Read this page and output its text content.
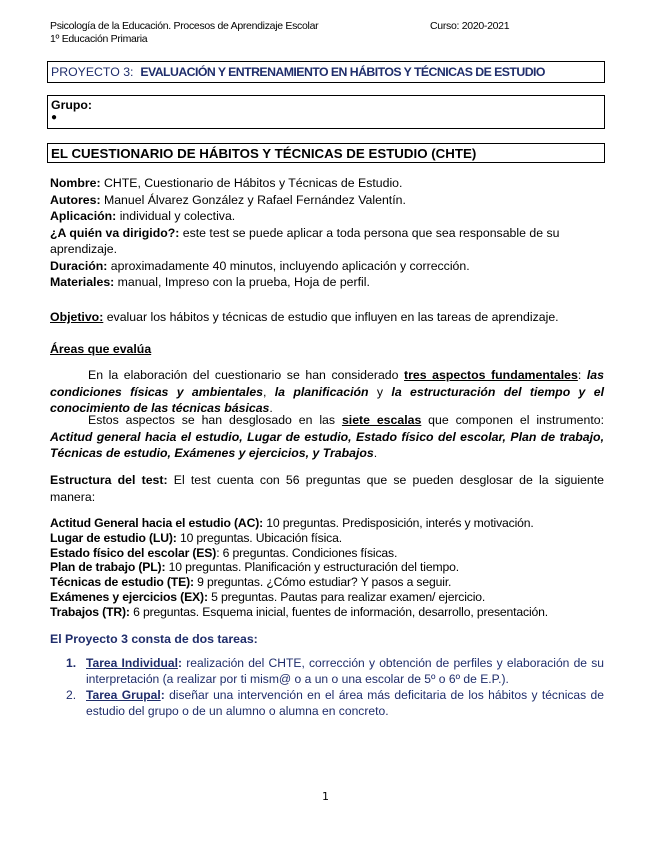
Psicología de la Educación. Procesos de Aprendizaje Escolar	Curso: 2020-2021
1º Educación Primaria
PROYECTO 3: EVALUACIÓN Y ENTRENAMIENTO EN HÁBITOS Y TÉCNICAS DE ESTUDIO
Grupo:
●
EL CUESTIONARIO DE HÁBITOS Y TÉCNICAS DE ESTUDIO (CHTE)
Nombre: CHTE, Cuestionario de Hábitos y Técnicas de Estudio.
Autores: Manuel Álvarez González y Rafael Fernández Valentín.
Aplicación: individual y colectiva.
¿A quién va dirigido?: este test se puede aplicar a toda persona que sea responsable de su aprendizaje.
Duración: aproximadamente 40 minutos, incluyendo aplicación y corrección.
Materiales: manual, Impreso con la prueba, Hoja de perfil.
Objetivo: evaluar los hábitos y técnicas de estudio que influyen en las tareas de aprendizaje.
Áreas que evalúa
En la elaboración del cuestionario se han considerado tres aspectos fundamentales: las condiciones físicas y ambientales, la planificación y la estructuración del tiempo y el conocimiento de las técnicas básicas.
Estos aspectos se han desglosado en las siete escalas que componen el instrumento: Actitud general hacia el estudio, Lugar de estudio, Estado físico del escolar, Plan de trabajo, Técnicas de estudio, Exámenes y ejercicios, y Trabajos.
Estructura del test: El test cuenta con 56 preguntas que se pueden desglosar de la siguiente manera:
Actitud General hacia el estudio (AC): 10 preguntas. Predisposición, interés y motivación.
Lugar de estudio (LU): 10 preguntas. Ubicación física.
Estado físico del escolar (ES): 6 preguntas. Condiciones físicas.
Plan de trabajo (PL): 10 preguntas. Planificación y estructuración del tiempo.
Técnicas de estudio (TE): 9 preguntas. ¿Cómo estudiar? Y pasos a seguir.
Exámenes y ejercicios (EX): 5 preguntas. Pautas para realizar examen/ ejercicio.
Trabajos (TR): 6 preguntas. Esquema inicial, fuentes de información, desarrollo, presentación.
El Proyecto 3 consta de dos tareas:
1. Tarea Individual: realización del CHTE, corrección y obtención de perfiles y elaboración de su interpretación (a realizar por ti mism@ o a un o una escolar de 5º o 6º de E.P.).
2. Tarea Grupal: diseñar una intervención en el área más deficitaria de los hábitos y técnicas de estudio del grupo o de un alumno o alumna en concreto.
1
